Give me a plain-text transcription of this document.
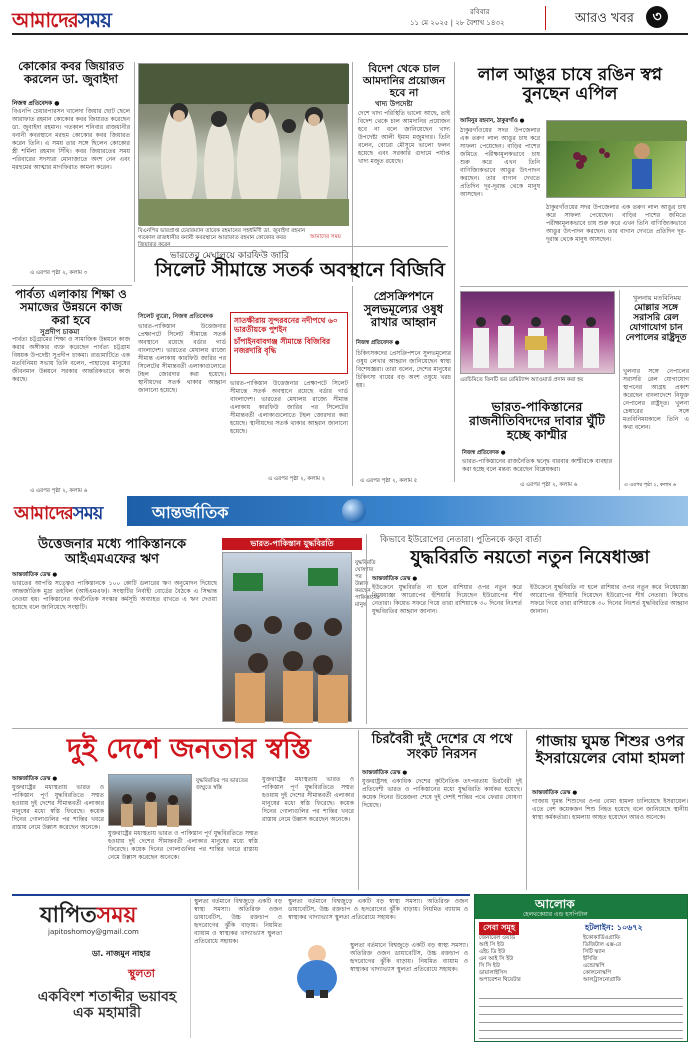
আমাদেরসময়	রবিবার
১১ মে ২০২৫ | ২৮ বৈশাখ ১৪৩২	আরও খবর	৩
কোকোর কবর জিয়ারত করলেন ডা. জুবাইদা
নিজস্ব প্রতিবেদক ●
বিএনপি চেয়ারপারসন খালেদা জিয়ার ছোট ছেলে আরাফাত রহমান কোকোর কবর জিয়ারত করেছেন ডা. জুবাইদা রহমান। গতকাল শনিবার রাজধানীর বনানী কবরস্থানে মরহুম কোকোর কবর জিয়ারত করেন তিনি। এ সময় তার সঙ্গে ছিলেন কোকোর স্ত্রী শর্মিলা রহমান সিঁথি। কবর জিয়ারতের সময় পরিবারের সদস্যরা মোনাজাতে অংশ নেন এবং মরহুমের আত্মার মাগফিরাত কামনা করেন।
এ এরপর পৃষ্ঠা ২, কলাম ৩
বিএনপির ভারপ্রাপ্ত চেয়ারম্যান তারেক রহমানের সহধর্মিণী ডা. জুবাইদা রহমান গতকাল রাজধানীর বনানী কবরস্থানে আরাফাত রহমান কোকোর কবর জিয়ারত করেন
আমাদের সময়
বিদেশ থেকে চাল আমদানির প্রয়োজন হবে না
খাদ্য উপদেষ্টা
দেশে খাদ্য পরিস্থিতি ভালো আছে, তাই বিদেশ থেকে চাল আমদানির প্রয়োজন হবে না বলে জানিয়েছেন খাদ্য উপদেষ্টা আলী ইমাম মজুমদার। তিনি বলেন, বোরো মৌসুমে ভালো ফলন হয়েছে এবং সরকারি গুদামে পর্যাপ্ত খাদ্য মজুত রয়েছে।
লাল আঙুর চাষে রঙিন স্বপ্ন বুনছেন এপিল
আমিনুর রহমান, ঠাকুরগাঁও ●
ঠাকুরগাঁওয়ের সদর উপজেলার এক তরুণ লাল আঙুর চাষ করে সাফল্য পেয়েছেন। বাড়ির পাশের জমিতে পরীক্ষামূলকভাবে চাষ শুরু করে এখন তিনি বাণিজ্যিকভাবে আঙুর উৎপাদন করছেন। তার বাগান দেখতে প্রতিদিন দূর-দূরান্ত থেকে মানুষ আসছেন।
ঠাকুরগাঁওয়ের সদর উপজেলার এক তরুণ লাল আঙুর চাষ করে সাফল্য পেয়েছেন। বাড়ির পাশের জমিতে পরীক্ষামূলকভাবে চাষ শুরু করে এখন তিনি বাণিজ্যিকভাবে আঙুর উৎপাদন করছেন। তার বাগান দেখতে প্রতিদিন দূর-দূরান্ত থেকে মানুষ আসছেন।
ভারতের মেঘালয়ে কারফিউ জারি
সিলেট সীমান্তে সতর্ক অবস্থানে বিজিবি
সিলেট ব্যুরো, নিজস্ব প্রতিবেদক
ভারত-পাকিস্তান উত্তেজনার প্রেক্ষাপটে সিলেট সীমান্তে সতর্ক অবস্থানে রয়েছে বর্ডার গার্ড বাংলাদেশ। ভারতের মেঘালয় রাজ্যে সীমান্ত এলাকায় কারফিউ জারির পর সিলেটের সীমান্তবর্তী এলাকাগুলোতে টহল জোরদার করা হয়েছে। স্থানীয়দের সতর্ক থাকার আহ্বান জানানো হয়েছে।
সাতক্ষীরায় সুন্দরবনের নদীপথে ৬০ ভারতীয়কে পুশইন
চাঁপাইনবাবগঞ্জ সীমান্তে বিজিবির নজরদারি বৃদ্ধি
ভারত-পাকিস্তান উত্তেজনার প্রেক্ষাপটে সিলেট সীমান্তে সতর্ক অবস্থানে রয়েছে বর্ডার গার্ড বাংলাদেশ। ভারতের মেঘালয় রাজ্যে সীমান্ত এলাকায় কারফিউ জারির পর সিলেটের সীমান্তবর্তী এলাকাগুলোতে টহল জোরদার করা হয়েছে। স্থানীয়দের সতর্ক থাকার আহ্বান জানানো হয়েছে।
এ এরপর পৃষ্ঠা ২, কলাম ২
পার্বত্য এলাকায় শিক্ষা ও সমাজের উন্নয়নে কাজ করা হবে
সুপ্রদীপ চাকমা
পার্বত্য চট্টগ্রামের শিক্ষা ও সামাজিক উন্নয়নে কাজ করার অঙ্গীকার ব্যক্ত করেছেন পার্বত্য চট্টগ্রাম বিষয়ক উপদেষ্টা সুপ্রদীপ চাকমা। রাঙামাটিতে এক মতবিনিময় সভায় তিনি বলেন, পাহাড়ের মানুষের জীবনমান উন্নয়নে সরকার আন্তরিকভাবে কাজ করছে।
এ এরপর পৃষ্ঠা ২, কলাম ৬
প্রেসক্রিপশনে সুলভমূল্যের ওষুধ রাখার আহ্বান
নিজস্ব প্রতিবেদক ●
চিকিৎসকদের প্রেসক্রিপশনে সুলভমূল্যের ওষুধ লেখার আহ্বান জানিয়েছেন স্বাস্থ্য বিশেষজ্ঞরা। তারা বলেন, দেশের মানুষের চিকিৎসা ব্যয়ের বড় অংশ ওষুধে খরচ হয়।
এ এরপর পৃষ্ঠা ২, কলাম ৫
এরচিমিতে তিনটি ভর রেমিট্যান্স অ্যাওয়ার্ড প্রদান করা হয়
ভারত-পাকিস্তানের রাজনীতিবিদদের দাবার ঘুঁটি হচ্ছে কাশ্মীর
নিজস্ব প্রতিবেদক ●
ভারত-পাকিস্তানের রাজনৈতিক দ্বন্দ্বে বারবার কাশ্মীরকে ব্যবহার করা হচ্ছে বলে মন্তব্য করেছেন বিশ্লেষকরা।
এ এরপর পৃষ্ঠা ২, কলাম ৬
খুলনায় মতবিনিময়
মোল্লার সঙ্গে সরাসরি রেল যোগাযোগ চান নেপালের রাষ্ট্রদূত
খুলনার সঙ্গে নেপালের সরাসরি রেল যোগাযোগ স্থাপনের আগ্রহ প্রকাশ করেছেন বাংলাদেশে নিযুক্ত নেপালের রাষ্ট্রদূত। খুলনা চেম্বারের সঙ্গে মতবিনিময়কালে তিনি এ কথা বলেন।
এ এরপর পৃষ্ঠা ২, কলাম ৬
আমাদেরসময়	আন্তর্জাতিক
উত্তেজনার মধ্যে পাকিস্তানকে আইএমএফের ঋণ
আন্তর্জাতিক ডেস্ক ●
ভারতের আপত্তি সত্ত্বেও পাকিস্তানকে ১০০ কোটি ডলারের ঋণ অনুমোদন দিয়েছে আন্তর্জাতিক মুদ্রা তহবিল (আইএমএফ)। সংস্থাটির নির্বাহী বোর্ডের বৈঠকে এ সিদ্ধান্ত নেওয়া হয়। পাকিস্তানের অর্থনৈতিক সংস্কার কর্মসূচি অব্যাহত রাখতে এ ঋণ দেওয়া হয়েছে বলে জানিয়েছে সংস্থাটি।
ভারত-পাকিস্তান যুদ্ধবিরতি
যুদ্ধবিরতি ঘোষণার পর উল্লাস করছেন পাকিস্তানের মানুষ
কিভাবে ইউরোপের নেতারা। পুতিনকে কড়া বার্তা
যুদ্ধবিরতি নয়তো নতুন নিষেধাজ্ঞা
আন্তর্জাতিক ডেস্ক ●
ইউক্রেনে যুদ্ধবিরতি না হলে রাশিয়ার ওপর নতুন করে নিষেধাজ্ঞা আরোপের হুঁশিয়ারি দিয়েছেন ইউরোপের শীর্ষ নেতারা। কিয়েভ সফরে গিয়ে তারা রাশিয়াকে ৩০ দিনের নিঃশর্ত যুদ্ধবিরতির আহ্বান জানান।
ইউক্রেনে যুদ্ধবিরতি না হলে রাশিয়ার ওপর নতুন করে নিষেধাজ্ঞা আরোপের হুঁশিয়ারি দিয়েছেন ইউরোপের শীর্ষ নেতারা। কিয়েভ সফরে গিয়ে তারা রাশিয়াকে ৩০ দিনের নিঃশর্ত যুদ্ধবিরতির আহ্বান জানান।
দুই দেশে জনতার স্বস্তি
আন্তর্জাতিক ডেস্ক ●
যুক্তরাষ্ট্রের মধ্যস্থতায় ভারত ও পাকিস্তান পূর্ণ যুদ্ধবিরতিতে সম্মত হওয়ায় দুই দেশের সীমান্তবর্তী এলাকার মানুষের মধ্যে স্বস্তি ফিরেছে। কয়েক দিনের গোলাগুলির পর শান্তির খবরে রাস্তায় নেমে উল্লাস করেছেন অনেকে।
যুদ্ধবিরতির পর ভারতের জম্মুতে স্বস্তি
যুক্তরাষ্ট্রের মধ্যস্থতায় ভারত ও পাকিস্তান পূর্ণ যুদ্ধবিরতিতে সম্মত হওয়ায় দুই দেশের সীমান্তবর্তী এলাকার মানুষের মধ্যে স্বস্তি ফিরেছে। কয়েক দিনের গোলাগুলির পর শান্তির খবরে রাস্তায় নেমে উল্লাস করেছেন অনেকে।
যুক্তরাষ্ট্রের মধ্যস্থতায় ভারত ও পাকিস্তান পূর্ণ যুদ্ধবিরতিতে সম্মত হওয়ায় দুই দেশের সীমান্তবর্তী এলাকার মানুষের মধ্যে স্বস্তি ফিরেছে। কয়েক দিনের গোলাগুলির পর শান্তির খবরে রাস্তায় নেমে উল্লাস করেছেন অনেকে।
চিরবৈরী দুই দেশের যে পথে সংকট নিরসন
আন্তর্জাতিক ডেস্ক ●
যুক্তরাষ্ট্রসহ একাধিক দেশের কূটনৈতিক তৎপরতায় চিরবৈরী দুই প্রতিবেশী ভারত ও পাকিস্তানের মধ্যে যুদ্ধবিরতি কার্যকর হয়েছে। কয়েক দিনের উত্তেজনা শেষে দুই দেশই শান্তির পথে ফেরার ঘোষণা দিয়েছে।
গাজায় ঘুমন্ত শিশুর ওপর ইসরায়েলের বোমা হামলা
আন্তর্জাতিক ডেস্ক ●
গাজায় ঘুমন্ত শিশুদের ওপর বোমা হামলা চালিয়েছে ইসরায়েল। এতে বেশ কয়েকজন শিশু নিহত হয়েছে বলে জানিয়েছে স্থানীয় স্বাস্থ্য কর্মকর্তারা। হামলায় আহত হয়েছেন আরও অনেকে।
যাপিতসময়
japitoshomoy@gmail.com
ডা. নাজমুন নাহার
স্থুলতা
একবিংশ শতাব্দীর ভয়াবহ এক মহামারী
স্থুলতা বর্তমানে বিশ্বজুড়ে একটি বড় স্বাস্থ্য সমস্যা। অতিরিক্ত ওজন ডায়াবেটিস, উচ্চ রক্তচাপ ও হৃদরোগের ঝুঁকি বাড়ায়। নিয়মিত ব্যায়াম ও স্বাস্থ্যকর খাদ্যাভ্যাস স্থুলতা প্রতিরোধে সহায়ক।
স্থুলতা বর্তমানে বিশ্বজুড়ে একটি বড় স্বাস্থ্য সমস্যা। অতিরিক্ত ওজন ডায়াবেটিস, উচ্চ রক্তচাপ ও হৃদরোগের ঝুঁকি বাড়ায়। নিয়মিত ব্যায়াম ও স্বাস্থ্যকর খাদ্যাভ্যাস স্থুলতা প্রতিরোধে সহায়ক।
স্থুলতা বর্তমানে বিশ্বজুড়ে একটি বড় স্বাস্থ্য সমস্যা। অতিরিক্ত ওজন ডায়াবেটিস, উচ্চ রক্তচাপ ও হৃদরোগের ঝুঁকি বাড়ায়। নিয়মিত ব্যায়াম ও স্বাস্থ্যকর খাদ্যাভ্যাস স্থুলতা প্রতিরোধে সহায়ক।
আলোক
হেলথকেয়ার এন্ড হসপিটাল
সেবা সমূহ	হটলাইন: ১০৬৭২
জেনারেল ওয়ার্ড
আই সি ইউ
এইচ ডি ইউ
এন আই সি ইউ
সি সি ইউ
ডায়ালাইসিস
অপারেশন থিয়েটার
ইকোকার্ডিওগ্রাফি
ডিজিটাল এক্স-রে
সিটি স্ক্যান
ইসিজি
এন্ডোস্কপি
কোলনোস্কপি
আলট্রাসনোগ্রাফি
